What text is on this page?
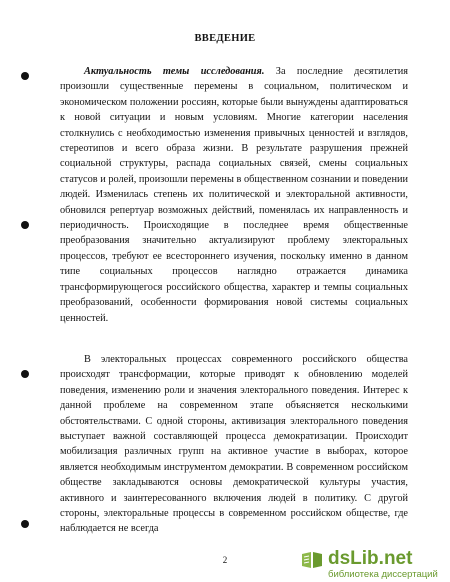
ВВЕДЕНИЕ
Актуальность темы исследования. За последние десятилетия произошли существенные перемены в социальном, политическом и экономическом положении россиян, которые были вынуждены адаптироваться к новой ситуации и новым условиям. Многие категории населения столкнулись с необходимостью изменения привычных ценностей и взглядов, стереотипов и всего образа жизни. В результате разрушения прежней социальной структуры, распада социальных связей, смены социальных статусов и ролей, произошли перемены в общественном сознании и поведении людей. Изменилась степень их политической и электоральной активности, обновился репертуар возможных действий, поменялась их направленность и периодичность. Происходящие в последнее время общественные преобразования значительно актуализируют проблему электоральных процессов, требуют ее всестороннего изучения, поскольку именно в данном типе социальных процессов наглядно отражается динамика трансформирующегося российского общества, характер и темпы социальных преобразований, особенности формирования новой системы социальных ценностей.
В электоральных процессах современного российского общества происходят трансформации, которые приводят к обновлению моделей поведения, изменению роли и значения электорального поведения. Интерес к данной проблеме на современном этапе объясняется несколькими обстоятельствами. С одной стороны, активизация электорального поведения выступает важной составляющей процесса демократизации. Происходит мобилизация различных групп на активное участие в выборах, которое является необходимым инструментом демократии. В современном российском обществе закладываются основы демократической культуры участия, активного и заинтересованного включения людей в политику. С другой стороны, электоральные процессы в современном российском обществе, где наблюдается не всегда
2	dsLib.net
библиотека диссертаций
